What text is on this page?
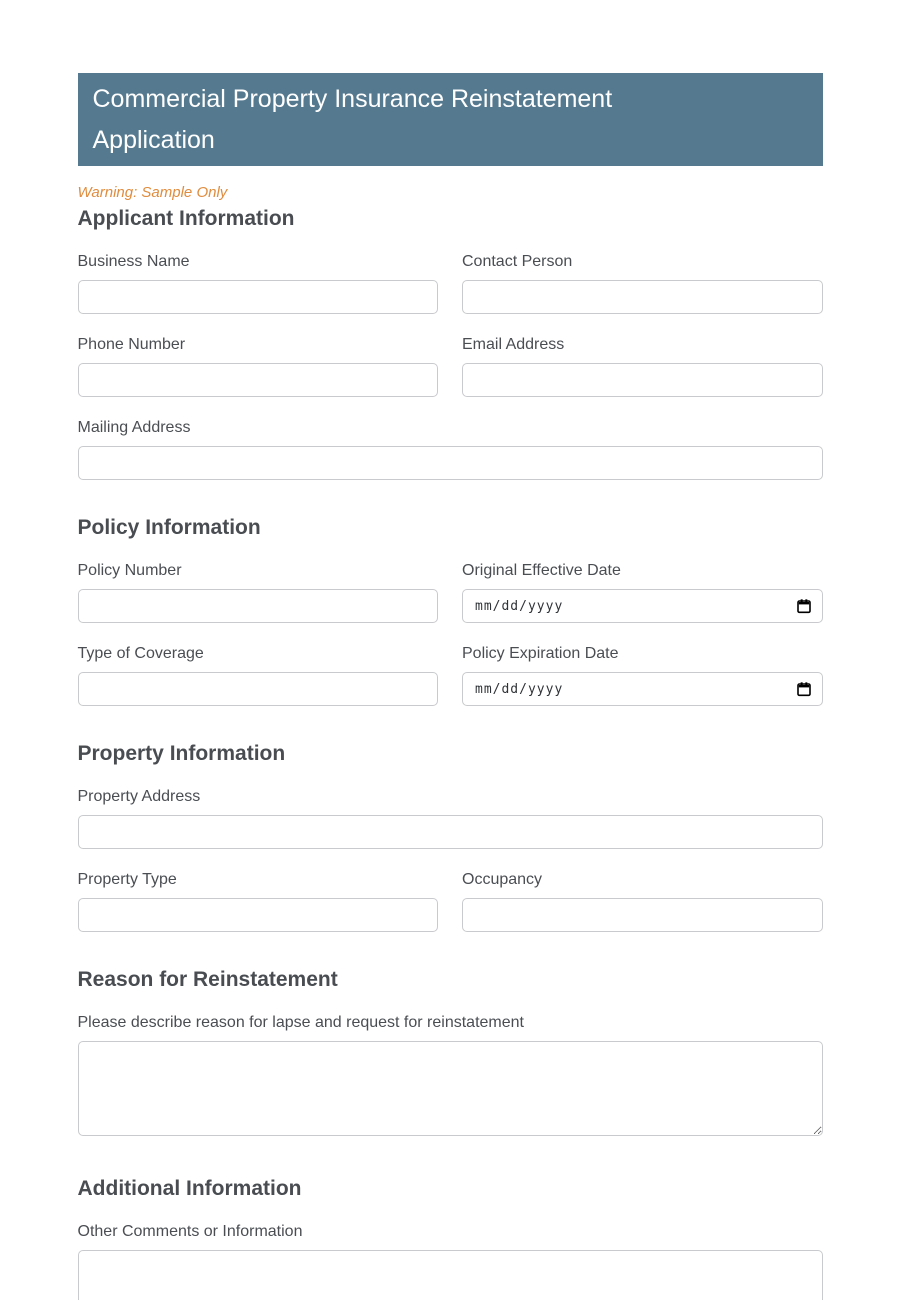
Commercial Property Insurance Reinstatement Application
Warning: Sample Only
Applicant Information
Business Name	Contact Person
Phone Number	Email Address
Mailing Address
Policy Information
Policy Number	Original Effective Date
mm/dd/yyyy
Type of Coverage	Policy Expiration Date
mm/dd/yyyy
Property Information
Property Address
Property Type	Occupancy
Reason for Reinstatement
Please describe reason for lapse and request for reinstatement
Additional Information
Other Comments or Information
